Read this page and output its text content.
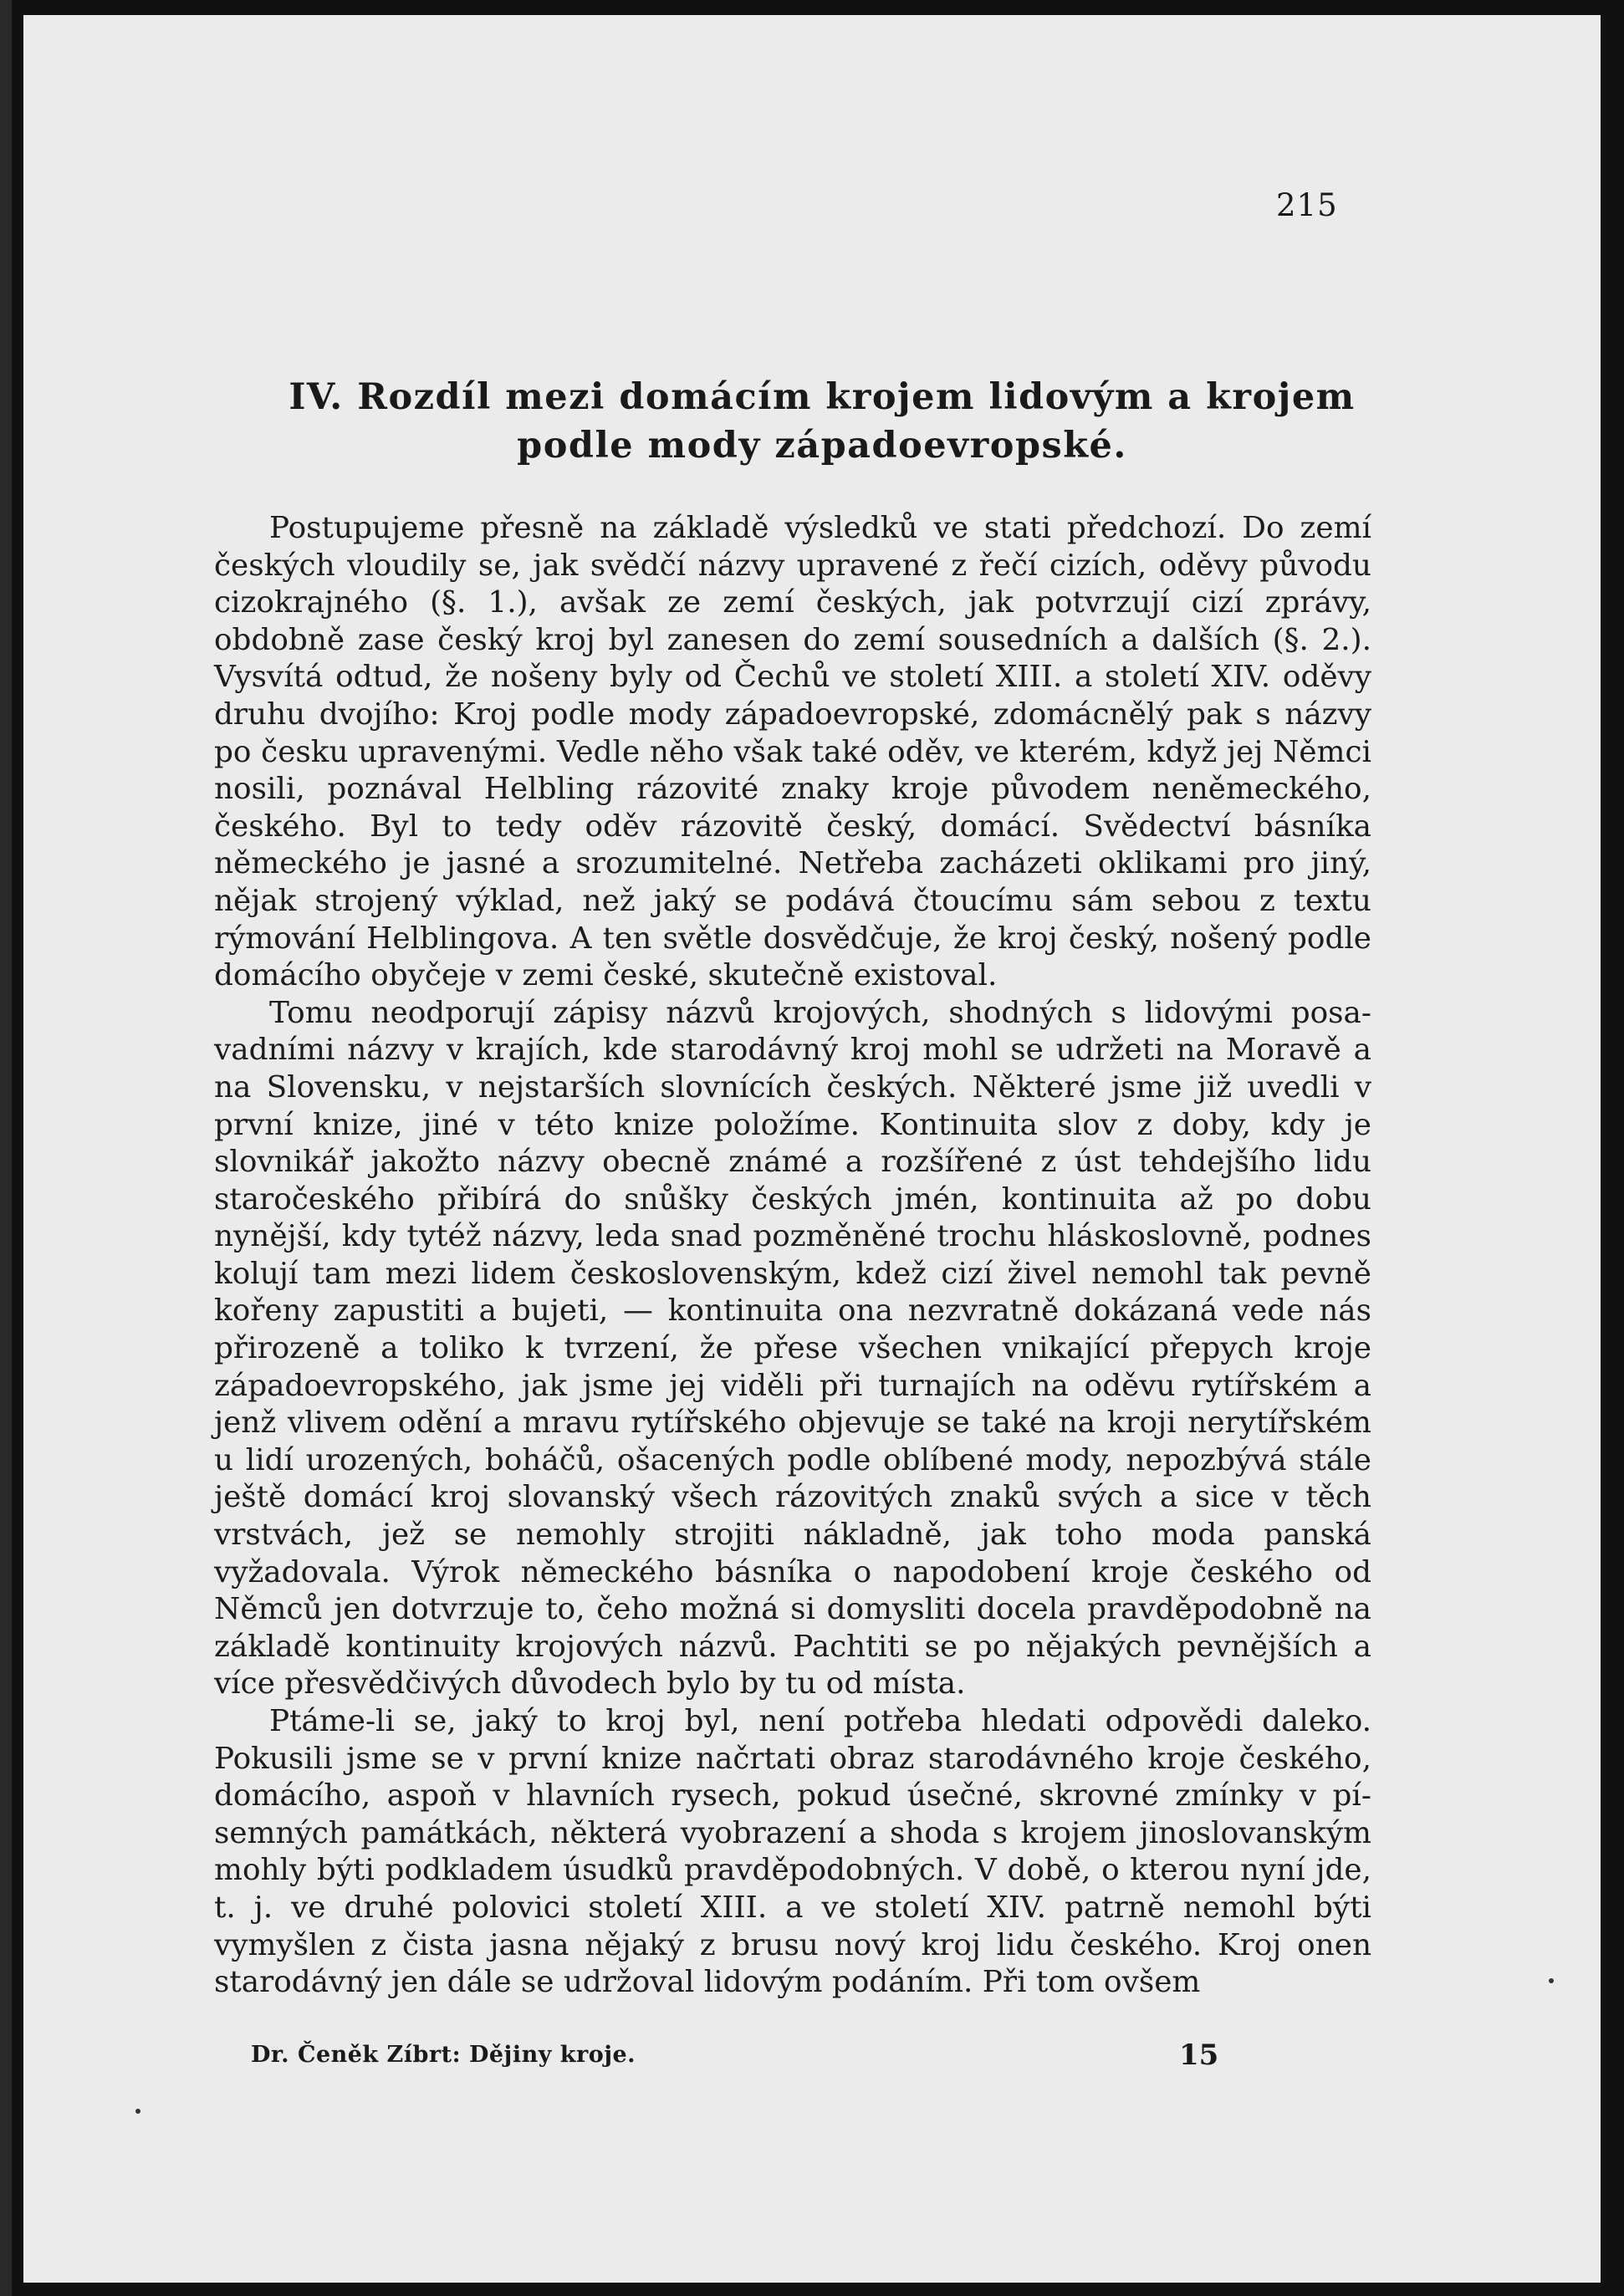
215
IV. Rozdíl mezi domácím krojem lidovým a krojem
podle mody západoevropské.

Postupujeme přesně na základě výsledků ve stati předchozí. Do zemí českých vloudily se, jak svědčí názvy upravené z řečí cizích, oděvy původu cizokrajného (§. 1.), avšak ze zemí českých, jak potvrzují cizí zprávy, obdobně zase český kroj byl zanesen do zemí sousedních a dalších (§. 2.). Vysvítá odtud, že nošeny byly od Čechů ve století XIII. a století XIV. oděvy druhu dvojího: Kroj podle mody západoevropské, zdomácnělý pak s názvy po česku upravenými. Vedle něho však také oděv, ve kterém, když jej Němci nosili, poznával Helbling rázovité znaky kroje původem neněmeckého, českého. Byl to tedy oděv rázovitě český, domácí. Svědectví básníka německého je jasné a srozumitelné. Netřeba zacházeti oklikami pro jiný, nějak strojený výklad, než jaký se podává čtoucímu sám sebou z textu rýmování Helblingova. A ten světle dosvědčuje, že kroj český, nošený podle domácího obyčeje v zemi české, skutečně existoval.

Tomu neodporují zápisy názvů krojových, shodných s lidovými posavadními názvy v krajích, kde starodávný kroj mohl se udržeti na Moravě a na Slovensku, v nejstarších slovnících českých. Některé jsme již uvedli v první knize, jiné v této knize položíme. Kontinuita slov z doby, kdy je slovnikář jakožto názvy obecně známé a rozšířené z úst tehdejšího lidu staročeského přibírá do snůšky českých jmén, kontinuita až po dobu nynější, kdy tytéž názvy, leda snad pozměněné trochu hláskoslovně, podnes kolují tam mezi lidem československým, kdež cizí živel nemohl tak pevně kořeny zapustiti a bujeti, — kontinuita ona nezvratně dokázaná vede nás přirozeně a toliko k tvrzení, že přese všechen vnikající přepych kroje západoevropského, jak jsme jej viděli při turnajích na oděvu rytířském a jenž vlivem odění a mravu rytířského objevuje se také na kroji nerytířském u lidí urozených, boháčů, ošacených podle oblíbené mody, nepozbývá stále ještě domácí kroj slovanský všech rázovitých znaků svých a sice v těch vrstvách, jež se nemohly strojiti nákladně, jak toho moda panská vyžadovala. Výrok německého básníka o napodobení kroje českého od Němců jen dotvrzuje to, čeho možná si domysliti docela pravděpodobně na základě kontinuity krojových názvů. Pachtiti se po nějakých pevnějších a více přesvědčivých důvodech bylo by tu od místa.

Ptáme-li se, jaký to kroj byl, není potřeba hledati odpovědi daleko. Pokusili jsme se v první knize načrtati obraz starodávného kroje českého, domácího, aspoň v hlavních rysech, pokud úsečné, skrovné zmínky v písemných památkách, některá vyobrazení a shoda s krojem jinoslovanským mohly býti podkladem úsudků pravděpodobných. V době, o kterou nyní jde, t. j. ve druhé polovici století XIII. a ve století XIV. patrně nemohl býti vymyšlen z čista jasna nějaký z brusu nový kroj lidu českého. Kroj onen starodávný jen dále se udržoval lidovým podáním. Při tom ovšem

Dr. Čeněk Zíbrt: Dějiny kroje.	15
